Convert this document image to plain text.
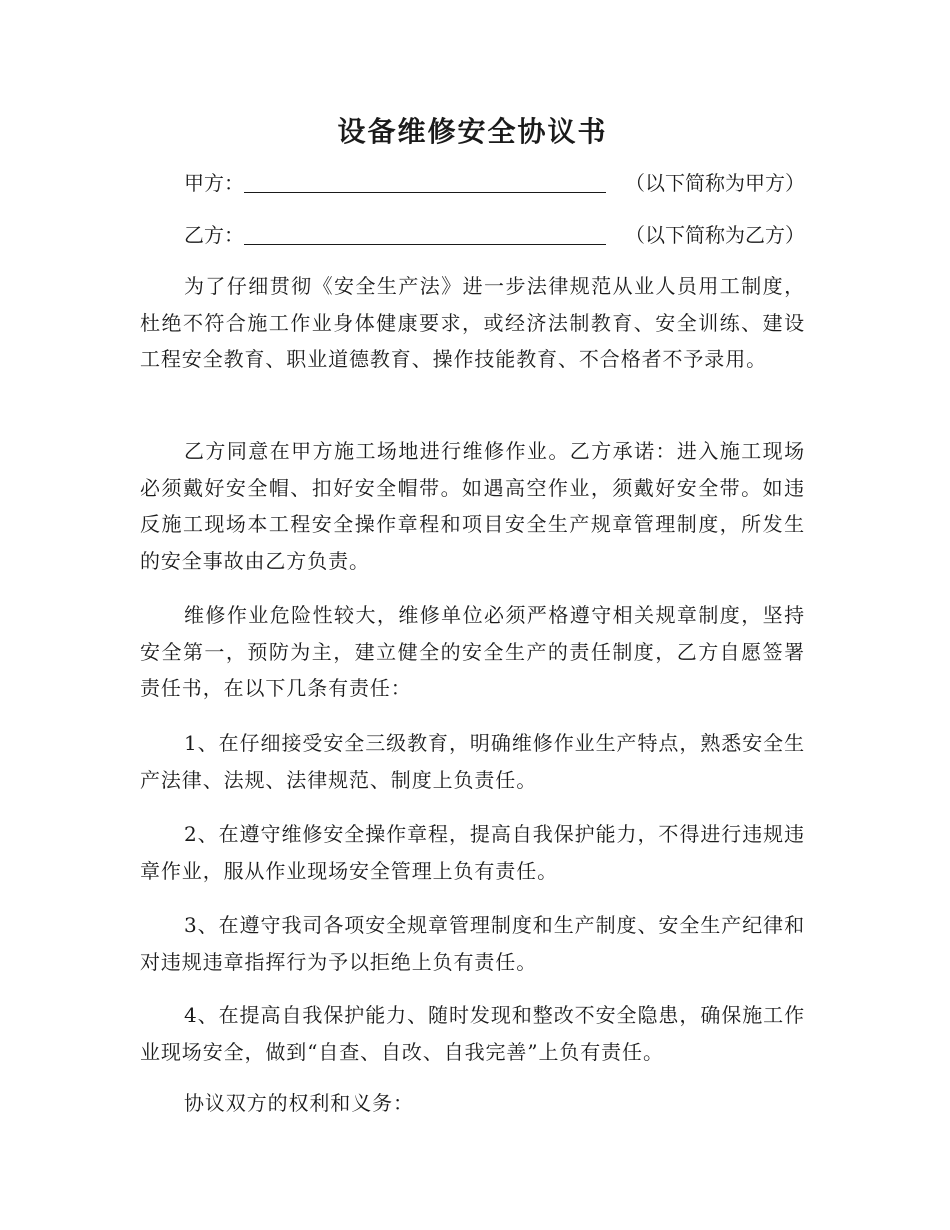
设备维修安全协议书
甲方：	（以下简称为甲方）
乙方：	（以下简称为乙方）

为了仔细贯彻《安全生产法》进一步法律规范从业人员用工制度，杜绝不符合施工作业身体健康要求，或经济法制教育、安全训练、建设工程安全教育、职业道德教育、操作技能教育、不合格者不予录用。

乙方同意在甲方施工场地进行维修作业。乙方承诺：进入施工现场必须戴好安全帽、扣好安全帽带。如遇高空作业，须戴好安全带。如违反施工现场本工程安全操作章程和项目安全生产规章管理制度，所发生的安全事故由乙方负责。

维修作业危险性较大，维修单位必须严格遵守相关规章制度，坚持安全第一，预防为主，建立健全的安全生产的责任制度，乙方自愿签署责任书，在以下几条有责任：

1、在仔细接受安全三级教育，明确维修作业生产特点，熟悉安全生产法律、法规、法律规范、制度上负责任。

2、在遵守维修安全操作章程，提高自我保护能力，不得进行违规违章作业，服从作业现场安全管理上负有责任。

3、在遵守我司各项安全规章管理制度和生产制度、安全生产纪律和对违规违章指挥行为予以拒绝上负有责任。

4、在提高自我保护能力、随时发现和整改不安全隐患，确保施工作业现场安全，做到“自查、自改、自我完善”上负有责任。

协议双方的权利和义务：
